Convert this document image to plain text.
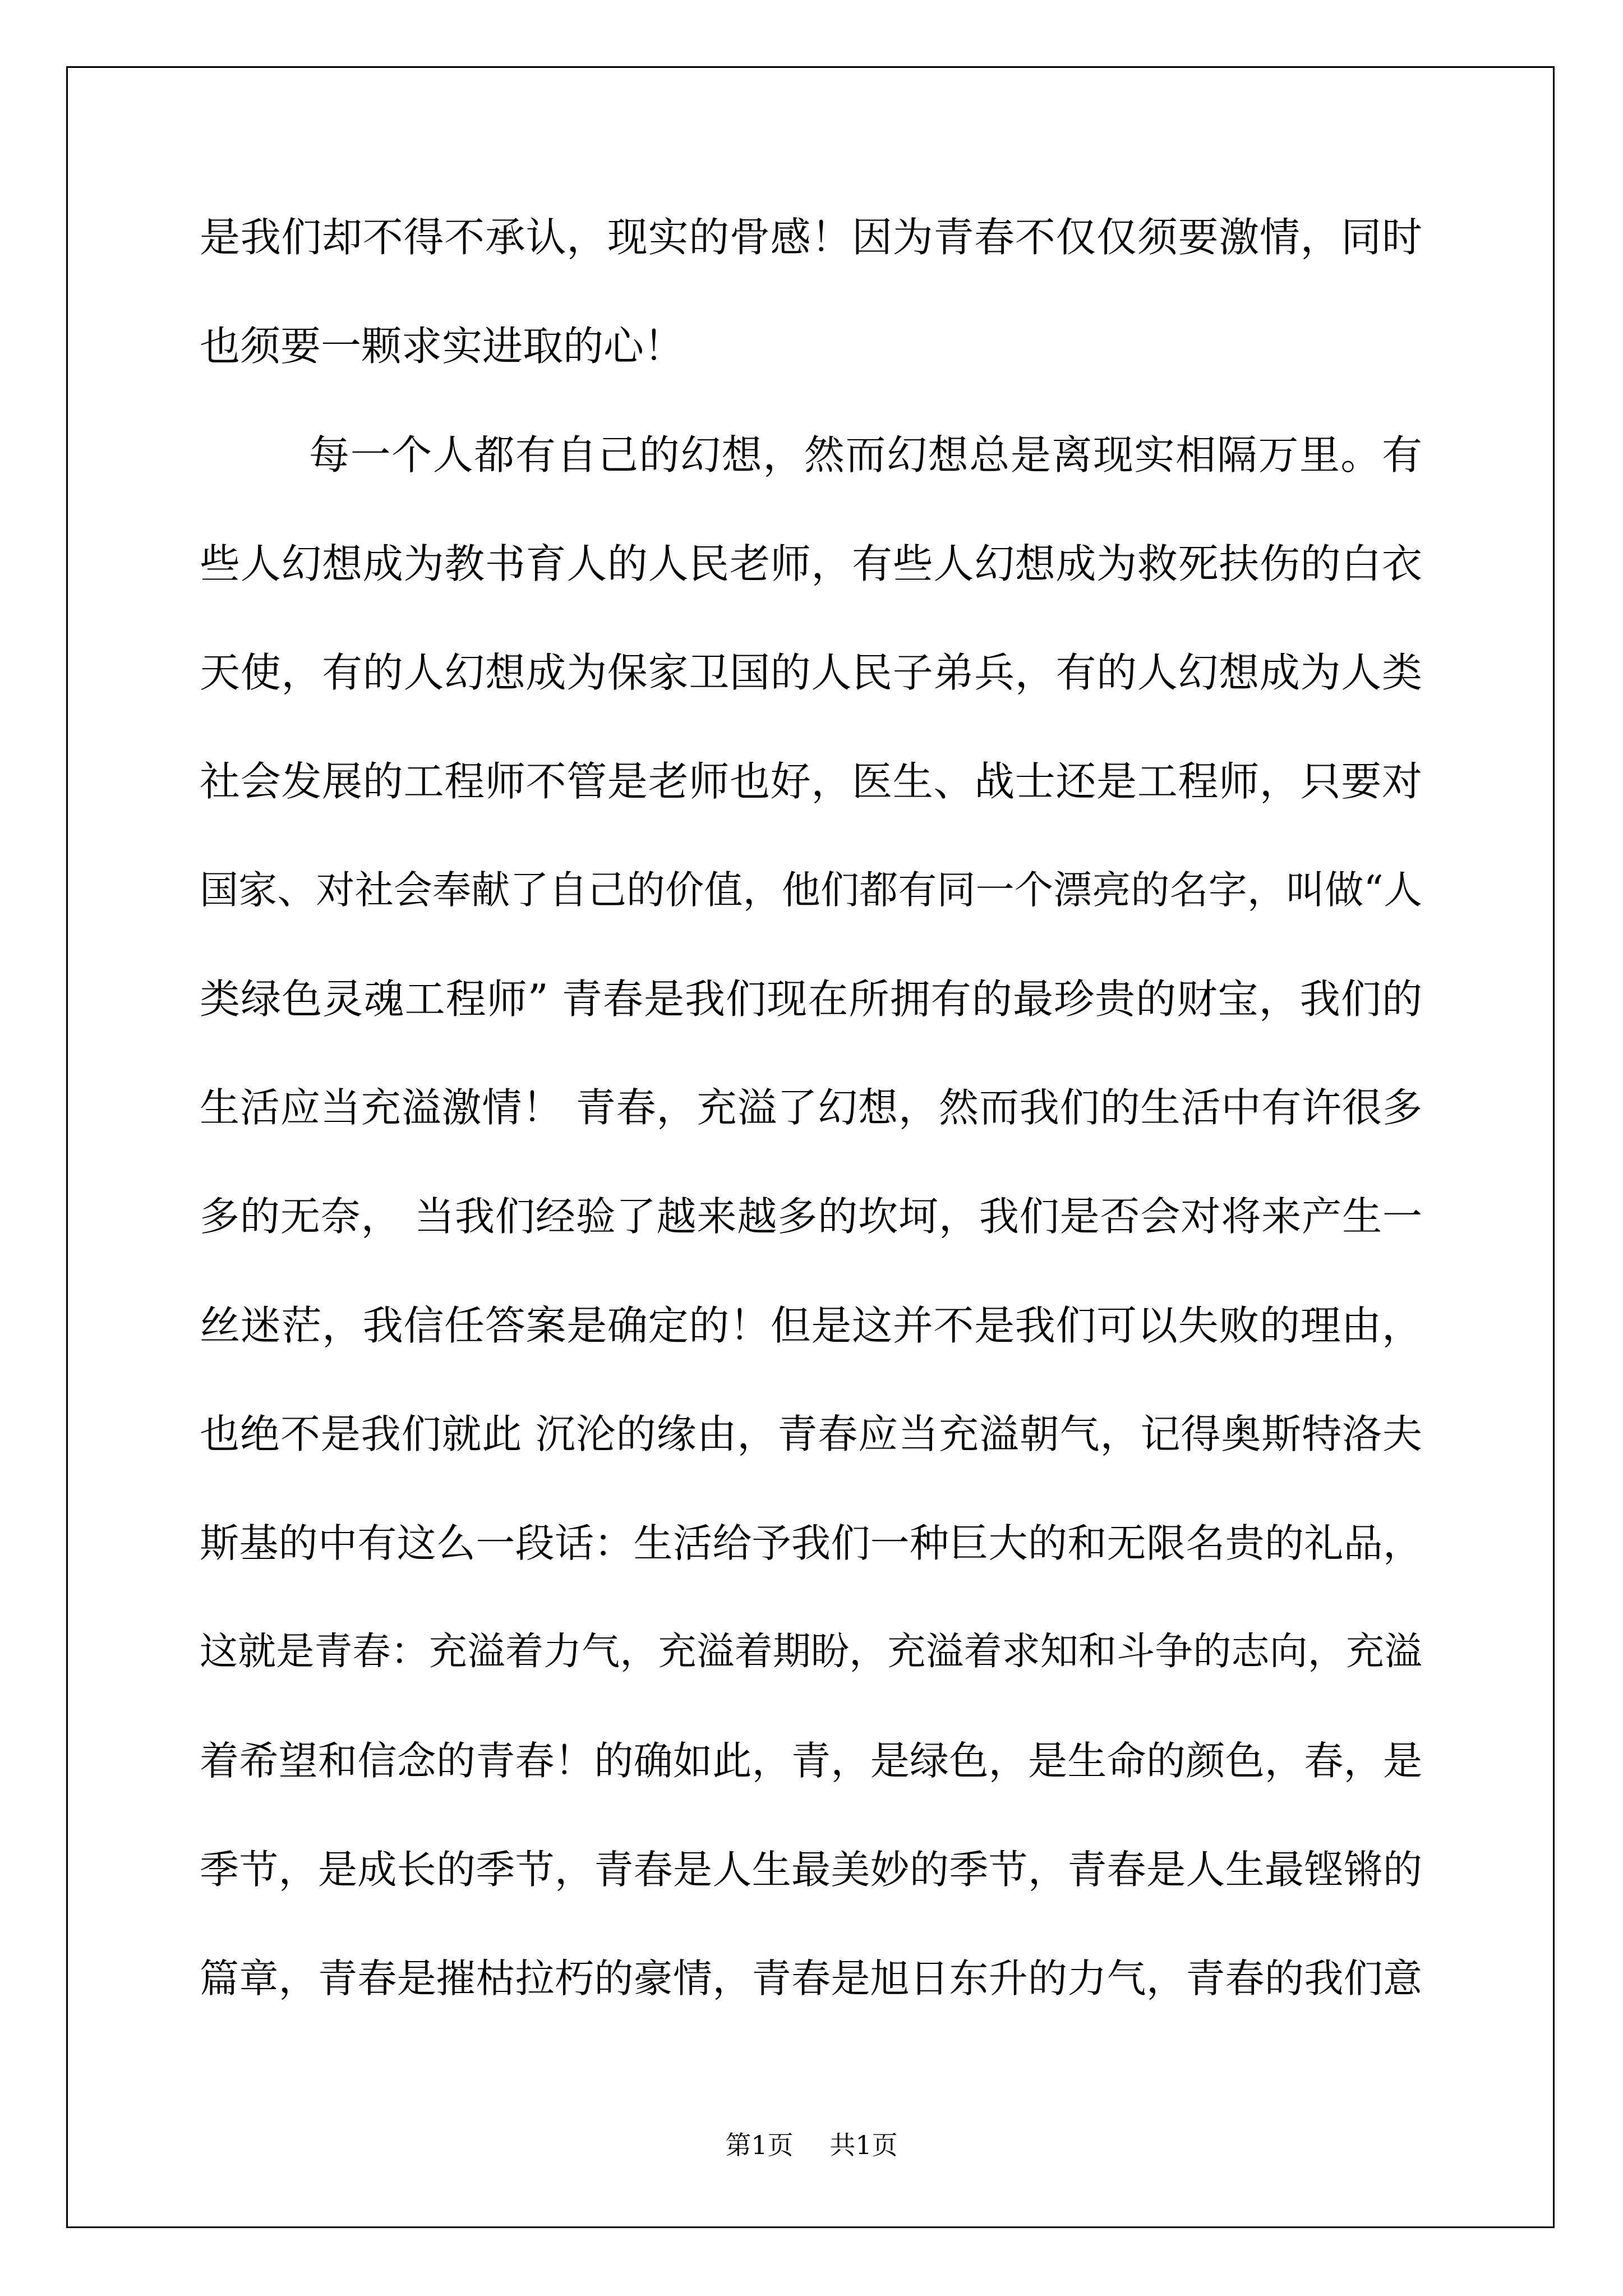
是我们却不得不承认，现实的骨感！因为青春不仅仅须要激情，同时
也须要一颗求实进取的心！
每一个人都有自己的幻想，然而幻想总是离现实相隔万里。有
些人幻想成为教书育人的人民老师，有些人幻想成为救死扶伤的白衣
天使，有的人幻想成为保家卫国的人民子弟兵，有的人幻想成为人类
社会发展的工程师不管是老师也好，医生、战士还是工程师，只要对
国家、对社会奉献了自己的价值，他们都有同一个漂亮的名字，叫做“人
类绿色灵魂工程师” 青春是我们现在所拥有的最珍贵的财宝，我们的
生活应当充溢激情！ 青春，充溢了幻想，然而我们的生活中有许很多
多的无奈， 当我们经验了越来越多的坎坷，我们是否会对将来产生一
丝迷茫，我信任答案是确定的！但是这并不是我们可以失败的理由，
也绝不是我们就此 沉沦的缘由，青春应当充溢朝气，记得奥斯特洛夫
斯基的中有这么一段话：生活给予我们一种巨大的和无限名贵的礼品，
这就是青春：充溢着力气，充溢着期盼，充溢着求知和斗争的志向，充溢
着希望和信念的青春！的确如此，青，是绿色，是生命的颜色，春，是
季节，是成长的季节，青春是人生最美妙的季节，青春是人生最铿锵的
篇章，青春是摧枯拉朽的豪情，青春是旭日东升的力气，青春的我们意
第1页 共1页
